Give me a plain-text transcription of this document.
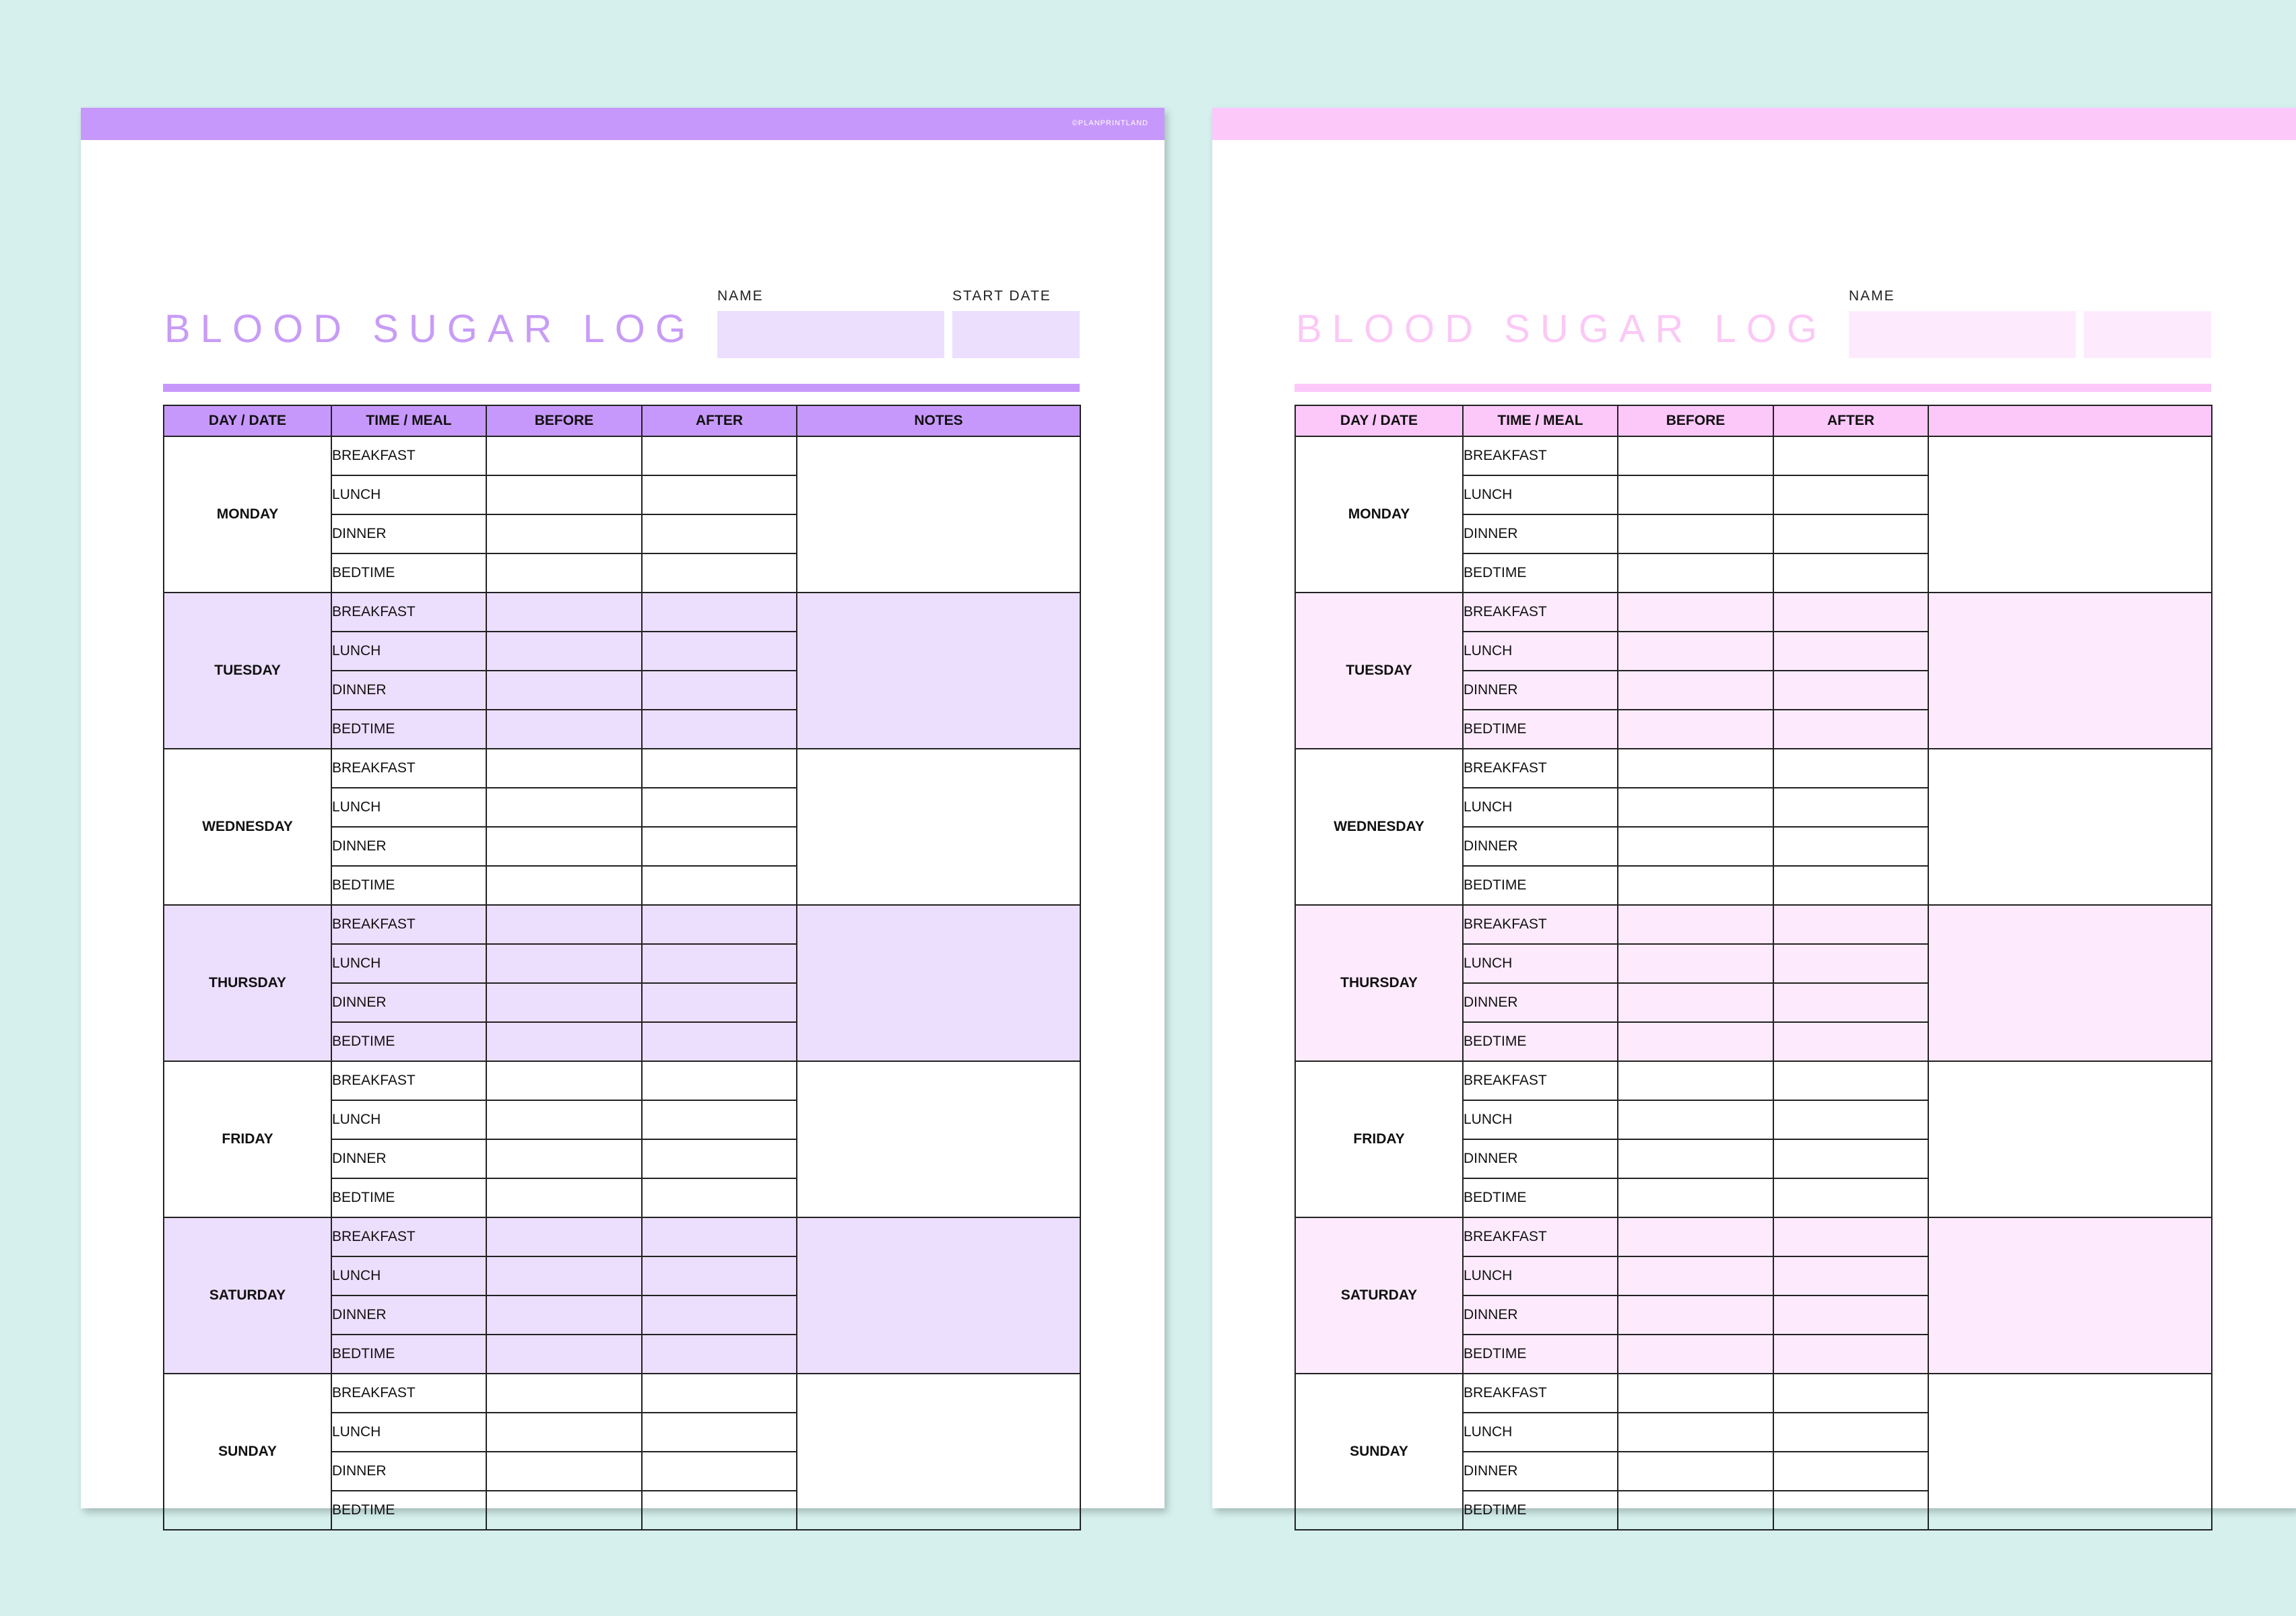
©PLANPRINTLAND
BLOOD SUGAR LOG
NAME	START DATE
DAY / DATE	TIME / MEAL	BEFORE	AFTER	NOTES
MONDAY	BREAKFAST			
	LUNCH			
	DINNER			
	BEDTIME			
TUESDAY	BREAKFAST			
	LUNCH			
	DINNER			
	BEDTIME			
WEDNESDAY	BREAKFAST			
	LUNCH			
	DINNER			
	BEDTIME			
THURSDAY	BREAKFAST			
	LUNCH			
	DINNER			
	BEDTIME			
FRIDAY	BREAKFAST			
	LUNCH			
	DINNER			
	BEDTIME			
SATURDAY	BREAKFAST			
	LUNCH			
	DINNER			
	BEDTIME			
SUNDAY	BREAKFAST			
	LUNCH			
	DINNER			
	BEDTIME			
BLOOD SUGAR LOG
NAME
DAY / DATE	TIME / MEAL	BEFORE	AFTER	
MONDAY	BREAKFAST			
	LUNCH			
	DINNER			
	BEDTIME			
TUESDAY	BREAKFAST			
	LUNCH			
	DINNER			
	BEDTIME			
WEDNESDAY	BREAKFAST			
	LUNCH			
	DINNER			
	BEDTIME			
THURSDAY	BREAKFAST			
	LUNCH			
	DINNER			
	BEDTIME			
FRIDAY	BREAKFAST			
	LUNCH			
	DINNER			
	BEDTIME			
SATURDAY	BREAKFAST			
	LUNCH			
	DINNER			
	BEDTIME			
SUNDAY	BREAKFAST			
	LUNCH			
	DINNER			
	BEDTIME			
